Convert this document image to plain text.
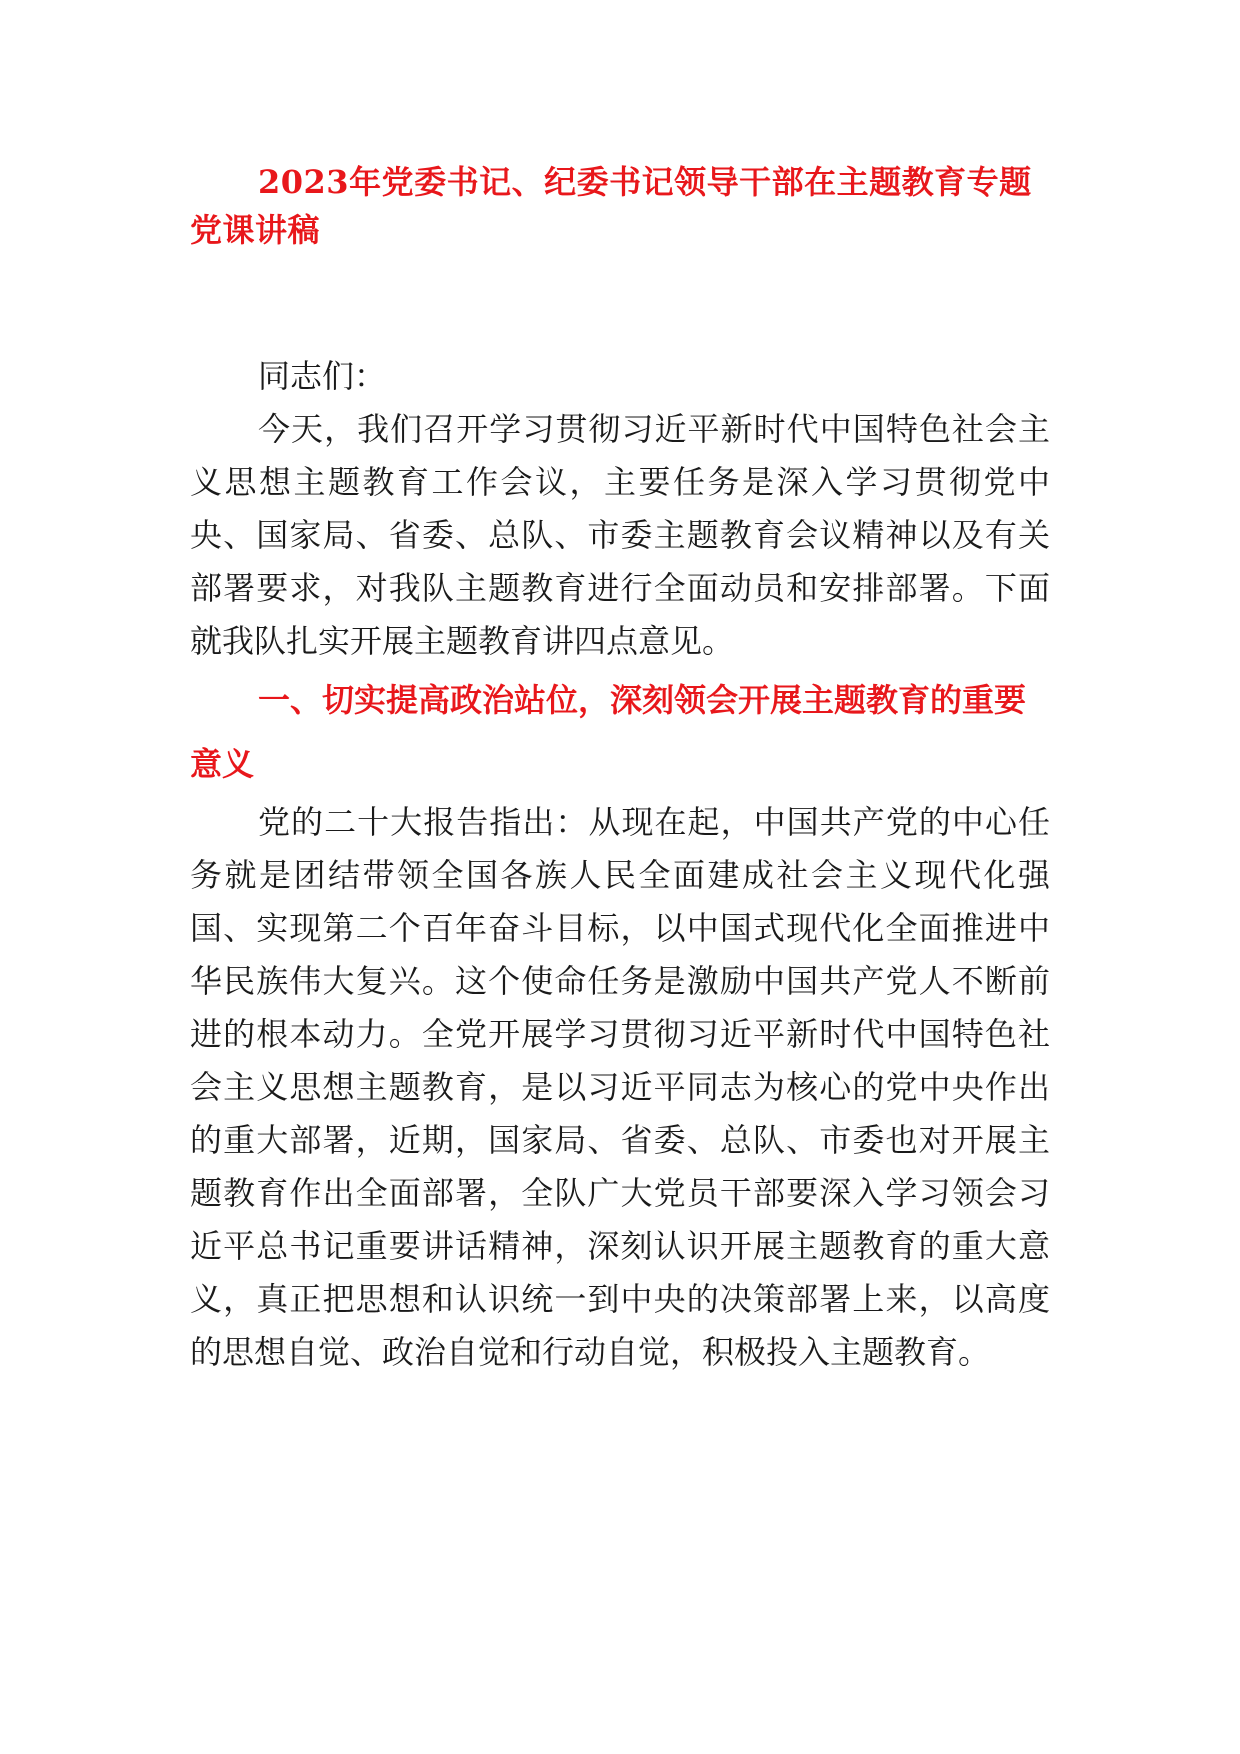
2023年党委书记、纪委书记领导干部在主题教育专题党课讲稿

同志们：

今天，我们召开学习贯彻习近平新时代中国特色社会主义思想主题教育工作会议，主要任务是深入学习贯彻党中央、国家局、省委、总队、市委主题教育会议精神以及有关部署要求，对我队主题教育进行全面动员和安排部署。下面就我队扎实开展主题教育讲四点意见。

一、切实提高政治站位，深刻领会开展主题教育的重要意义

党的二十大报告指出：从现在起，中国共产党的中心任务就是团结带领全国各族人民全面建成社会主义现代化强国、实现第二个百年奋斗目标，以中国式现代化全面推进中华民族伟大复兴。这个使命任务是激励中国共产党人不断前进的根本动力。全党开展学习贯彻习近平新时代中国特色社会主义思想主题教育，是以习近平同志为核心的党中央作出的重大部署，近期，国家局、省委、总队、市委也对开展主题教育作出全面部署，全队广大党员干部要深入学习领会习近平总书记重要讲话精神，深刻认识开展主题教育的重大意义，真正把思想和认识统一到中央的决策部署上来，以高度的思想自觉、政治自觉和行动自觉，积极投入主题教育。
